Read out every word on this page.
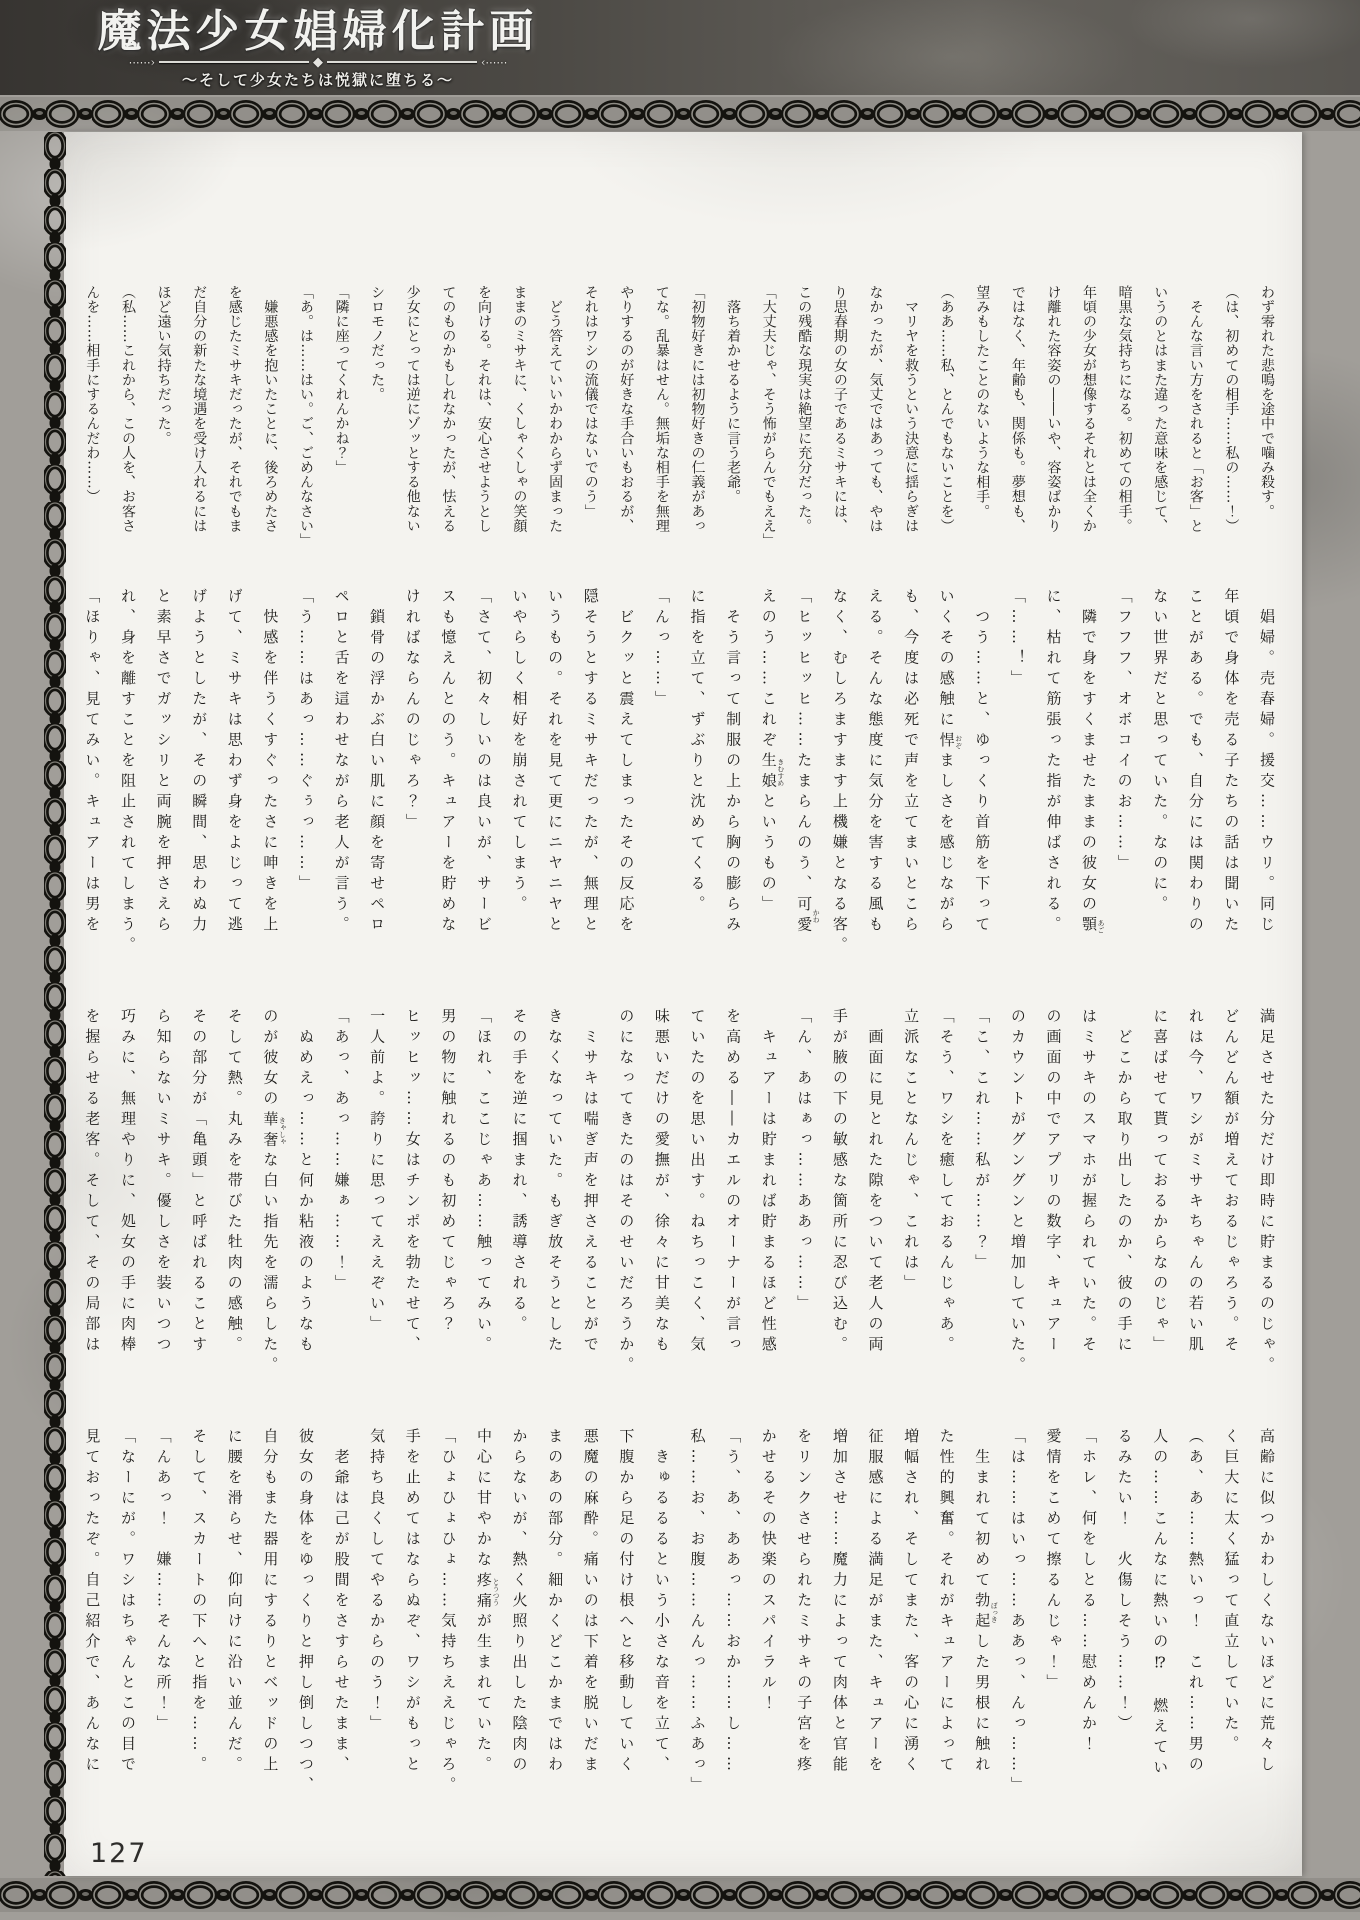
魔法少女娼婦化計画
⋯⋯›	◆	‹⋯⋯
～そして少女たちは悦獄に堕ちる～

わず零れた悲鳴を途中で噛み殺す。

（は、初めての相手……私の……！）

　そんな言い方をされると「お客」と

いうのとはまた違った意味を感じて、

暗黒な気持ちになる。初めての相手。

年頃の少女が想像するそれとは全くか

け離れた容姿の――いや、容姿ばかり

ではなく、年齢も、関係も。夢想も、

望みもしたことのないような相手。

（ああ……私、とんでもないことを）

　マリヤを救うという決意に揺らぎは

なかったが、気丈ではあっても、やは

り思春期の女の子であるミサキには、

この残酷な現実は絶望に充分だった。

「大丈夫じゃ、そう怖がらんでもええ」

　落ち着かせるように言う老爺。

「初物好きには初物好きの仁義があっ

てな。乱暴はせん。無垢な相手を無理

やりするのが好きな手合いもおるが、

それはワシの流儀ではないでのう」

　どう答えていいかわからず固まった

ままのミサキに、くしゃくしゃの笑顔

を向ける。それは、安心させようとし

てのものかもしれなかったが、怯える

少女にとっては逆にゾッとする他ない

シロモノだった。

「隣に座ってくれんかね？」

「あ。は……はい。ご、ごめんなさい」

　嫌悪感を抱いたことに、後ろめたさ

を感じたミサキだったが、それでもま

だ自分の新たな境遇を受け入れるには

ほど遠い気持ちだった。

（私……これから、この人を、お客さ

んを……相手にするんだわ……）

　娼婦。売春婦。援交……ウリ。同じ

年頃で身体を売る子たちの話は聞いた

ことがある。でも、自分には関わりの

ない世界だと思っていた。なのに。

「フフフ、オボコイのお……」

　隣で身をすくませたままの彼女の顎 あご

に、枯れて筋張った指が伸ばされる。

「……！」

　つう……と、ゆっくり首筋を下って

いくその感触に悍 おぞましさを感じながら

も、今度は必死で声を立てまいとこら

える。そんな態度に気分を害する風も

なく、むしろますます上機嫌となる客。

「ヒッヒッヒ……たまらんのう、可愛 かわ

えのう……これぞ生娘 きむすめというもの」

　そう言って制服の上から胸の膨らみ

に指を立て、ずぶりと沈めてくる。

「んっ……」

　ビクッと震えてしまったその反応を

隠そうとするミサキだったが、無理と

いうもの。それを見て更にニヤニヤと

いやらしく相好を崩されてしまう。

「さて、初々しいのは良いが、サービ

スも憶えんとのう。キュアーを貯めな

ければならんのじゃろ？」

　鎖骨の浮かぶ白い肌に顔を寄せペロ

ペロと舌を這わせながら老人が言う。

「う……はあっ……ぐぅっ……」

　快感を伴うくすぐったさに呻きを上

げて、ミサキは思わず身をよじって逃

げようとしたが、その瞬間、思わぬ力

と素早さでガッシリと両腕を押さえら

れ、身を離すことを阻止されてしまう。

「ほりゃ、見てみい。キュアーは男を

満足させた分だけ即時に貯まるのじゃ。

どんどん額が増えておるじゃろう。そ

れは今、ワシがミサキちゃんの若い肌

に喜ばせて貰っておるからなのじゃ」

　どこから取り出したのか、彼の手に

はミサキのスマホが握られていた。そ

の画面の中でアプリの数字、キュアー

のカウントがグングンと増加していた。

「こ、これ……私が……？」

「そう、ワシを癒しておるんじゃあ。

立派なことなんじゃ、これは」

　画面に見とれた隙をついて老人の両

手が腋の下の敏感な箇所に忍び込む。

「ん、あはぁっ……ああっ……」

　キュアーは貯まれば貯まるほど性感

を高める――カエルのオーナーが言っ

ていたのを思い出す。ねちっこく、気

味悪いだけの愛撫が、徐々に甘美なも

のになってきたのはそのせいだろうか。

　ミサキは喘ぎ声を押さえることがで

きなくなっていた。もぎ放そうとした

その手を逆に掴まれ、誘導される。

「ほれ、ここじゃあ……触ってみい。

男の物に触れるのも初めてじゃろ？

ヒッヒッ……女はチンポを勃たせて、

一人前よ。誇りに思ってええぞい」

「あっ、あっ……嫌ぁ……！」

　ぬめえっ……と何か粘液のようなも

のが彼女の華奢 きゃしゃな白い指先を濡らした。

そして熱。丸みを帯びた牡肉の感触。

その部分が「亀頭」と呼ばれることす

ら知らないミサキ。優しさを装いつつ

巧みに、無理やりに、処女の手に肉棒

を握らせる老客。そして、その局部は

高齢に似つかわしくないほどに荒々し

く巨大に太く猛って直立していた。

（あ、あ……熱いっ！　これ……男の

人の……こんなに熱いの⁉　燃えてい

るみたい！　火傷しそう……！）

「ホレ、何をしとる……慰めんか！

愛情をこめて擦るんじゃ！」

「は……はいっ……ああっ、んっ……」

　生まれて初めて勃起 ぼっきした男根に触れ

た性的興奮。それがキュアーによって

増幅され、そしてまた、客の心に湧く

征服感による満足がまた、キュアーを

増加させ……魔力によって肉体と官能

をリンクさせられたミサキの子宮を疼

かせるその快楽のスパイラル！

「う、あ、ああっ……おか……し……

私……お、お腹……んんっ……ふあっ」

　きゅるるるという小さな音を立て、

下腹から足の付け根へと移動していく

悪魔の麻酔。痛いのは下着を脱いだま

まのあの部分。細かくどこかまではわ

からないが、熱く火照り出した陰肉の

中心に甘やかな疼痛 とうつうが生まれていた。

「ひょひょひょ……気持ちええじゃろ。

手を止めてはならぬぞ、ワシがもっと

気持ち良くしてやるからのう！」

　老爺は己が股間をさすらせたまま、

彼女の身体をゆっくりと押し倒しつつ、

自分もまた器用にするりとベッドの上

に腰を滑らせ、仰向けに沿い並んだ。

そして、スカートの下へと指を……。

「んあっ！　嫌……そんな所！」

「なーにが。ワシはちゃんとこの目で

見ておったぞ。自己紹介で、あんなに

127
